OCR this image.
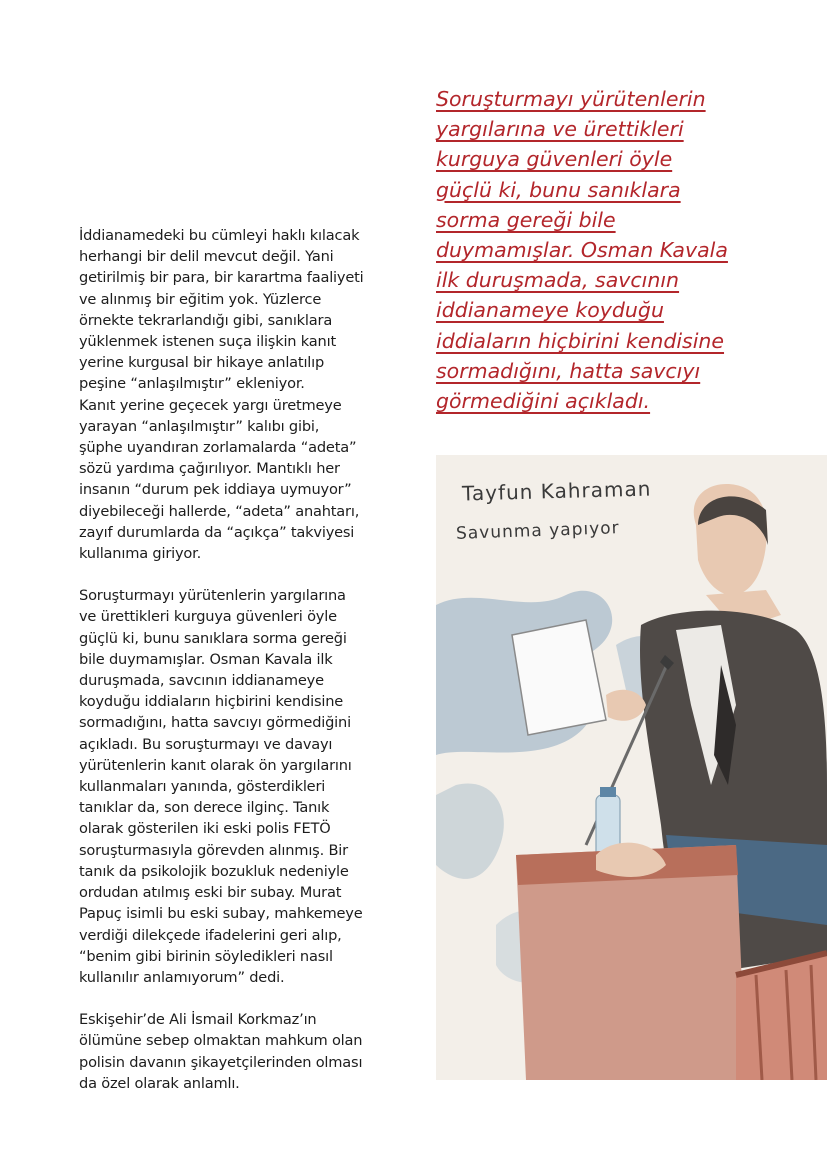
Soruşturmayı yürütenlerin
yargılarına ve ürettikleri
kurguya güvenleri öyle
güçlü ki, bunu sanıklara
sorma gereği bile
duymamışlar. Osman Kavala
ilk duruşmada, savcının
iddianameye koyduğu
iddiaların hiçbirini kendisine
sormadığını, hatta savcıyı
görmediğini açıkladı.
İddianamedeki bu cümleyi haklı kılacak
herhangi bir delil mevcut değil. Yani
getirilmiş bir para, bir karartma faaliyeti
ve alınmış bir eğitim yok. Yüzlerce
örnekte tekrarlandığı gibi, sanıklara
yüklenmek istenen suça ilişkin kanıt
yerine kurgusal bir hikaye anlatılıp
peşine “anlaşılmıştır” ekleniyor.
Kanıt yerine geçecek yargı üretmeye
yarayan “anlaşılmıştır” kalıbı gibi,
şüphe uyandıran zorlamalarda “adeta”
sözü yardıma çağırılıyor. Mantıklı her
insanın “durum pek iddiaya uymuyor”
diyebileceği hallerde, “adeta” anahtarı,
zayıf durumlarda da “açıkça” takviyesi
kullanıma giriyor.
Soruşturmayı yürütenlerin yargılarına
ve ürettikleri kurguya güvenleri öyle
güçlü ki, bunu sanıklara sorma gereği
bile duymamışlar. Osman Kavala ilk
duruşmada, savcının iddianameye
koyduğu iddiaların hiçbirini kendisine
sormadığını, hatta savcıyı görmediğini
açıkladı. Bu soruşturmayı ve davayı
yürütenlerin kanıt olarak ön yargılarını
kullanmaları yanında, gösterdikleri
tanıklar da, son derece ilginç. Tanık
olarak gösterilen iki eski polis FETÖ
soruşturmasıyla görevden alınmış. Bir
tanık da psikolojik bozukluk nedeniyle
ordudan atılmış eski bir subay. Murat
Papuç isimli bu eski subay, mahkemeye
verdiği dilekçede ifadelerini geri alıp,
“benim gibi birinin söyledikleri nasıl
kullanılır anlamıyorum” dedi.
Eskişehir’de Ali İsmail Korkmaz’ın
ölümüne sebep olmaktan mahkum olan
polisin davanın şikayetçilerinden olması
da özel olarak anlamlı.
Tayfun Kahraman
Savunma yapıyor
